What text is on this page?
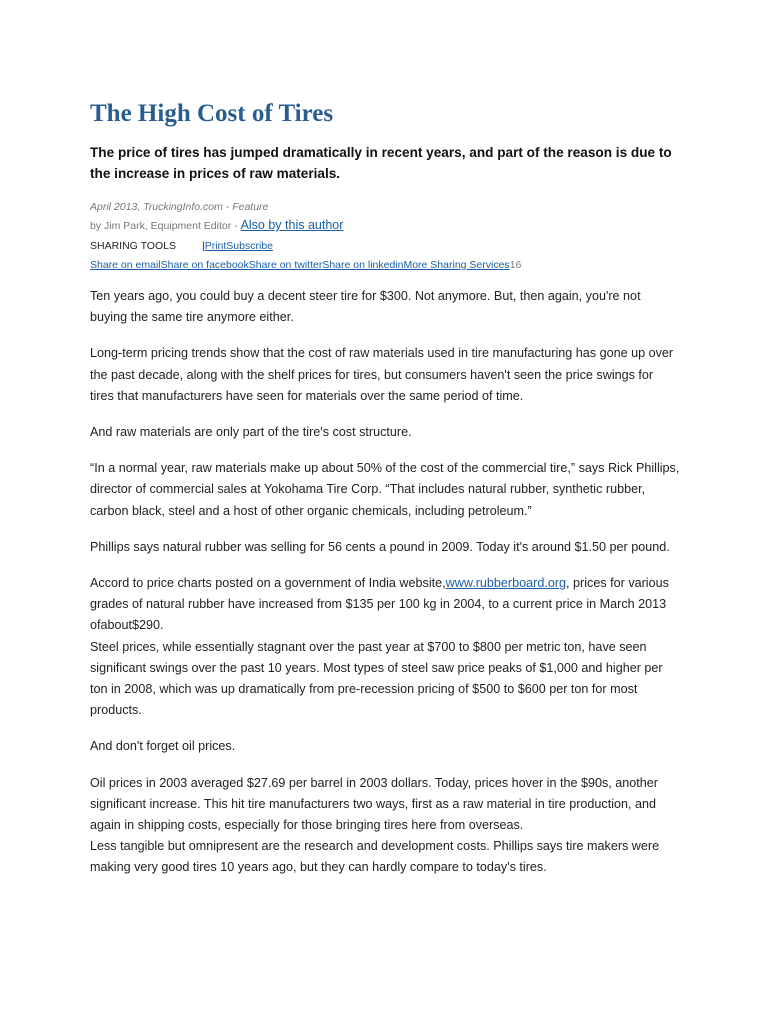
The High Cost of Tires

The price of tires has jumped dramatically in recent years, and part of the reason is due to the increase in prices of raw materials.

April 2013, TruckingInfo.com - Feature

by Jim Park, Equipment Editor - Also by this author

SHARING TOOLS |PrintSubscribe

Share on emailShare on facebookShare on twitterShare on linkedinMore Sharing Services16

Ten years ago, you could buy a decent steer tire for $300. Not anymore. But, then again, you're not buying the same tire anymore either.

Long-term pricing trends show that the cost of raw materials used in tire manufacturing has gone up over the past decade, along with the shelf prices for tires, but consumers haven't seen the price swings for tires that manufacturers have seen for materials over the same period of time.

And raw materials are only part of the tire's cost structure.

“In a normal year, raw materials make up about 50% of the cost of the commercial tire,” says Rick Phillips, director of commercial sales at Yokohama Tire Corp. “That includes natural rubber, synthetic rubber, carbon black, steel and a host of other organic chemicals, including petroleum.”

Phillips says natural rubber was selling for 56 cents a pound in 2009. Today it's around $1.50 per pound.

Accord to price charts posted on a government of India website,www.rubberboard.org, prices for various grades of natural rubber have increased from $135 per 100 kg in 2004, to a current price in March 2013 ofabout$290.

Steel prices, while essentially stagnant over the past year at $700 to $800 per metric ton, have seen significant swings over the past 10 years. Most types of steel saw price peaks of $1,000 and higher per ton in 2008, which was up dramatically from pre-recession pricing of $500 to $600 per ton for most products.

And don't forget oil prices.

Oil prices in 2003 averaged $27.69 per barrel in 2003 dollars. Today, prices hover in the $90s, another significant increase. This hit tire manufacturers two ways, first as a raw material in tire production, and again in shipping costs, especially for those bringing tires here from overseas.

Less tangible but omnipresent are the research and development costs. Phillips says tire makers were making very good tires 10 years ago, but they can hardly compare to today's tires.
